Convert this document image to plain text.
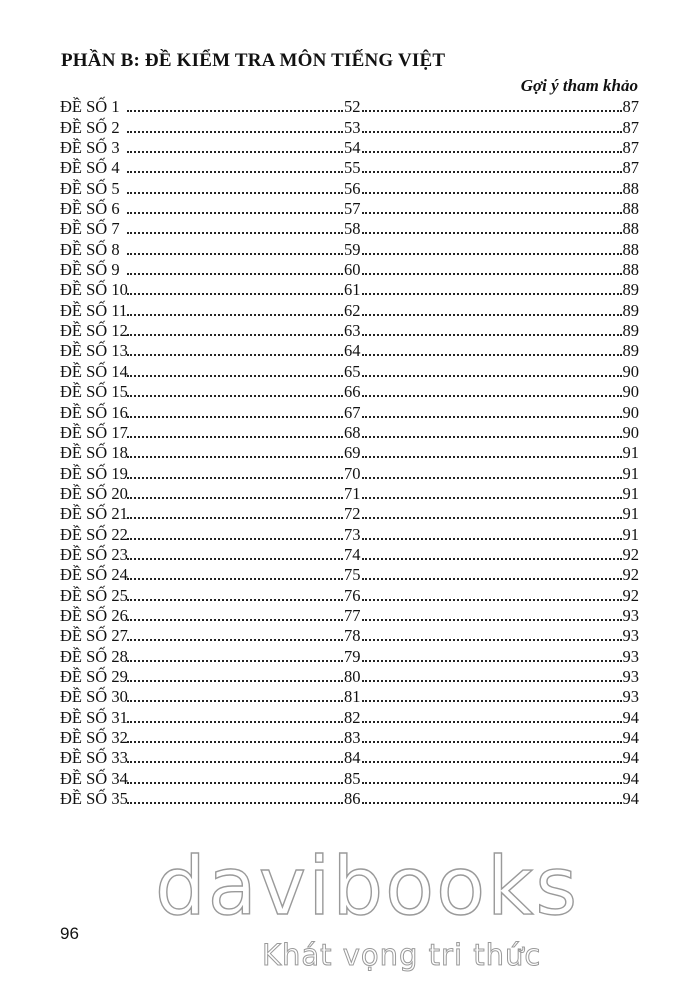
PHẦN B: ĐỀ KIỂM TRA MÔN TIẾNG VIỆT
Gợi ý tham khảo
ĐỀ SỐ 1	52	87
ĐỀ SỐ 2	53	87
ĐỀ SỐ 3	54	87
ĐỀ SỐ 4	55	87
ĐỀ SỐ 5	56	88
ĐỀ SỐ 6	57	88
ĐỀ SỐ 7	58	88
ĐỀ SỐ 8	59	88
ĐỀ SỐ 9	60	88
ĐỀ SỐ 10	61	89
ĐỀ SỐ 11	62	89
ĐỀ SỐ 12	63	89
ĐỀ SỐ 13	64	89
ĐỀ SỐ 14	65	90
ĐỀ SỐ 15	66	90
ĐỀ SỐ 16	67	90
ĐỀ SỐ 17	68	90
ĐỀ SỐ 18	69	91
ĐỀ SỐ 19	70	91
ĐỀ SỐ 20	71	91
ĐỀ SỐ 21	72	91
ĐỀ SỐ 22	73	91
ĐỀ SỐ 23	74	92
ĐỀ SỐ 24	75	92
ĐỀ SỐ 25	76	92
ĐỀ SỐ 26	77	93
ĐỀ SỐ 27	78	93
ĐỀ SỐ 28	79	93
ĐỀ SỐ 29	80	93
ĐỀ SỐ 30	81	93
ĐỀ SỐ 31	82	94
ĐỀ SỐ 32	83	94
ĐỀ SỐ 33	84	94
ĐỀ SỐ 34	85	94
ĐỀ SỐ 35	86	94
davibooks
Khát vọng tri thức
96
